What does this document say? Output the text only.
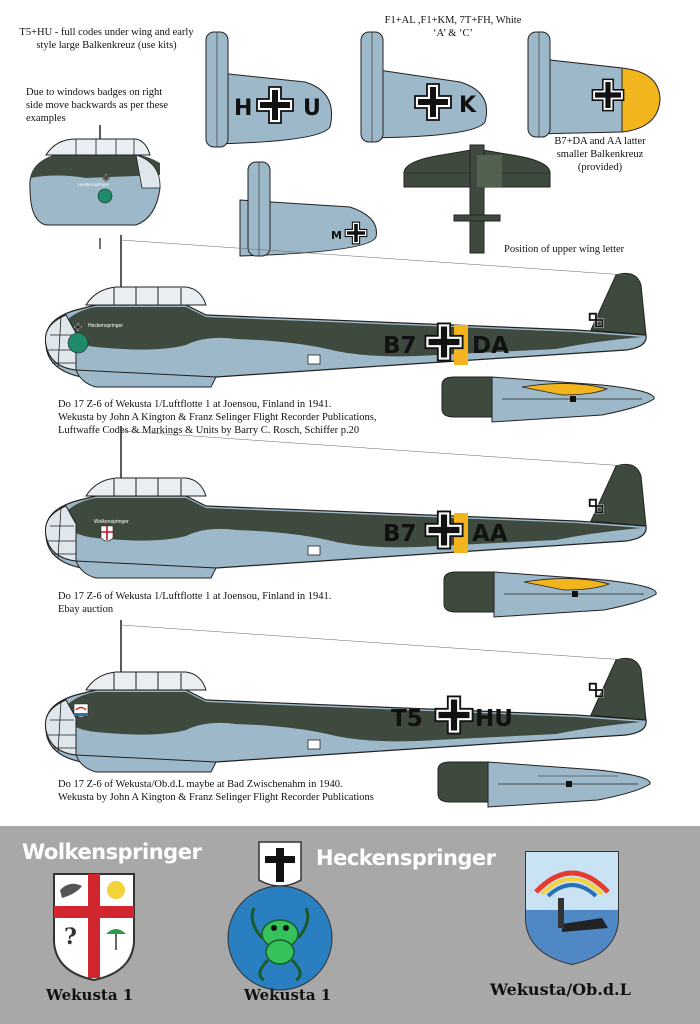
T5+HU - full codes under wing and early style large Balkenkreuz (use kits)
Due to windows badges on right side move backwards as per these examples
F1+AL ,F1+KM, 7T+FH, White ‘A’ & ‘C’
B7+DA and AA latter smaller Balkenkreuz (provided)
Position of upper wing letter
H U	K
Heckenspringer
M
B7 DA
Heckenspringer
Do 17 Z-6 of Wekusta 1/Luftflotte 1 at Joensou, Finland in 1941.
Wekusta by John A Kington & Franz Selinger Flight Recorder Publications,
Luftwaffe Codes & Markings & Units by Barry C. Rosch, Schiffer p.20
B7 AA
Wolkenspringer
Do 17 Z-6 of Wekusta 1/Luftflotte 1 at Joensou, Finland in 1941.
Ebay auction
T5 HU
Do 17 Z-6 of Wekusta/Ob.d.L maybe at Bad Zwischenahm in 1940.
Wekusta by John A Kington & Franz Selinger Flight Recorder Publications
Wolkenspringer
?
Wekusta 1
Heckenspringer
Wekusta 1	Wekusta/Ob.d.L
